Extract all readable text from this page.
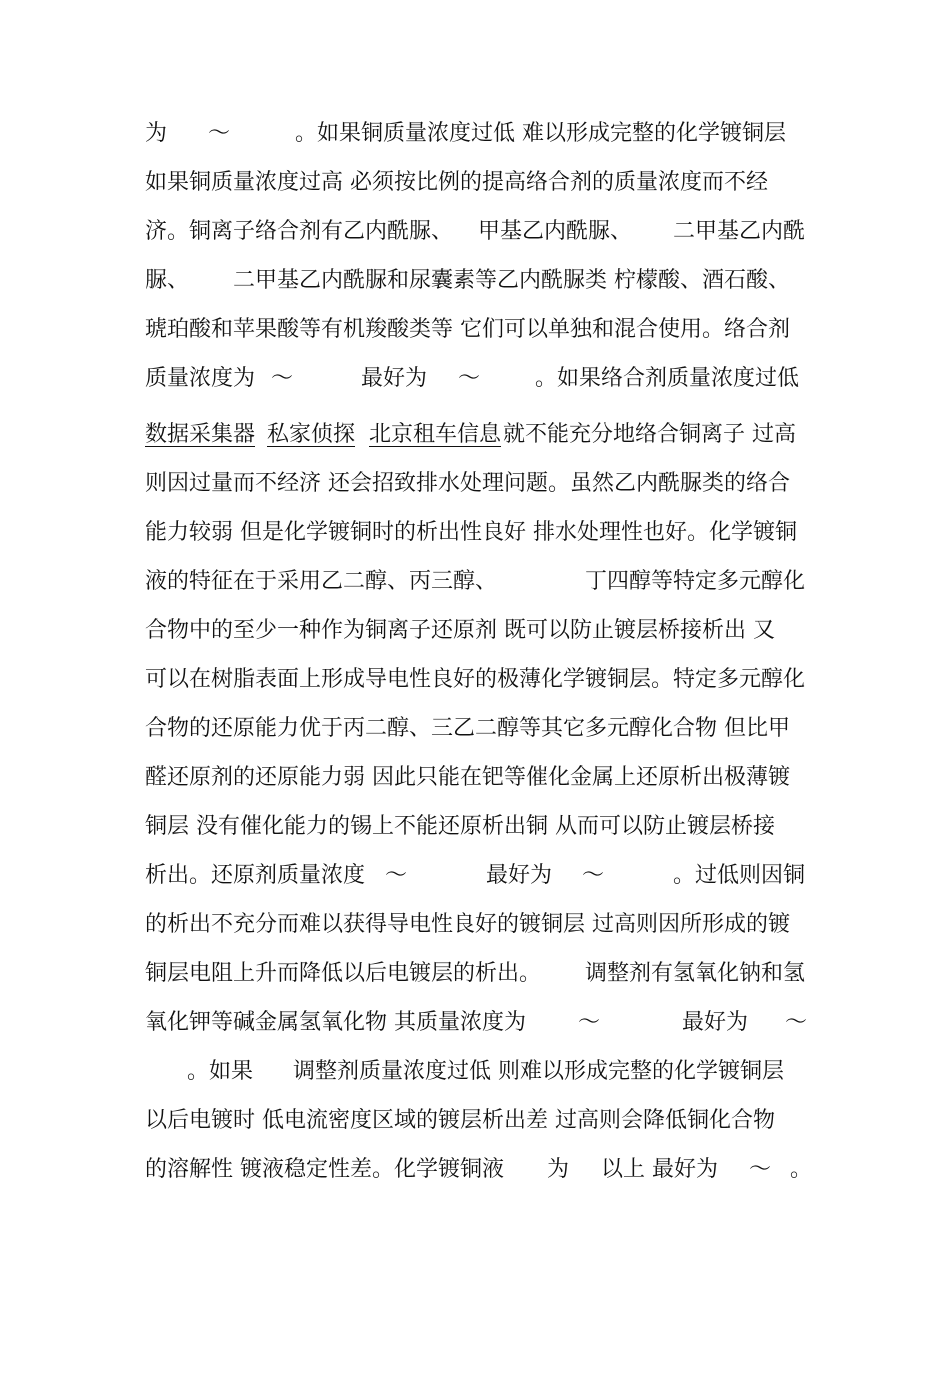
为

～

	。如果铜质量浓度过低 难以形成完整的化学镀铜层

如果铜质量浓度过高 必须按比例的提高络合剂的质量浓度而不经

济。铜离子络合剂有乙内酰脲、

甲基乙内酰脲、

二甲基乙内酰

脲、

二甲基乙内酰脲和尿囊素等乙内酰脲类 柠檬酸、酒石酸、

琥珀酸和苹果酸等有机羧酸类等 它们可以单独和混合使用。络合剂

质量浓度为

～

	最好为

～

。如果络合剂质量浓度过低

数据采集器

私家侦探

北京租车信息

就不能充分地络合铜离子 过高

则因过量而不经济 还会招致排水处理问题。虽然乙内酰脲类的络合

能力较弱 但是化学镀铜时的析出性良好 排水处理性也好。化学镀铜

液的特征在于采用乙二醇、丙三醇、

	丁四醇等特定多元醇化

合物中的至少一种作为铜离子还原剂 既可以防止镀层桥接析出 又

可以在树脂表面上形成导电性良好的极薄化学镀铜层。特定多元醇化

合物的还原能力优于丙二醇、三乙二醇等其它多元醇化合物 但比甲

醛还原剂的还原能力弱 因此只能在钯等催化金属上还原析出极薄镀

铜层 没有催化能力的锡上不能还原析出铜 从而可以防止镀层桥接

析出。还原剂质量浓度

～

	最好为

～

	。过低则因铜

的析出不充分而难以获得导电性良好的镀铜层 过高则因所形成的镀

铜层电阻上升而降低以后电镀层的析出。

调整剂有氢氧化钠和氢

氧化钾等碱金属氢氧化物 其质量浓度为

～

	最好为

～

。如果

调整剂质量浓度过低 则难以形成完整的化学镀铜层

以后电镀时 低电流密度区域的镀层析出差 过高则会降低铜化合物

的溶解性 镀液稳定性差。化学镀铜液

为

以上 最好为

～

。
